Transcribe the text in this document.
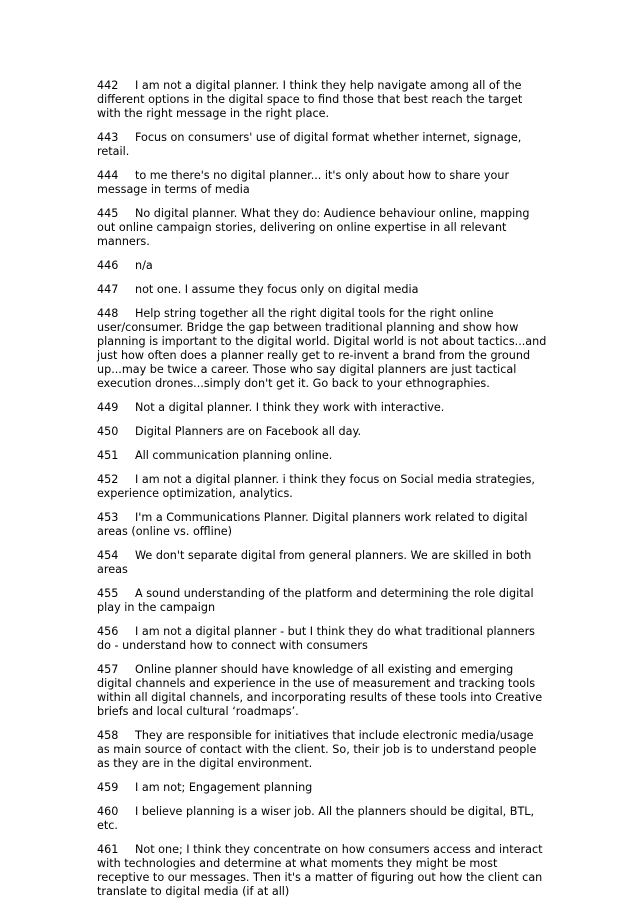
442 I am not a digital planner. I think they help navigate among all of the different options in the digital space to find those that best reach the target with the right message in the right place.

443 Focus on consumers' use of digital format whether internet, signage, retail.

444 to me there's no digital planner... it's only about how to share your message in terms of media

445 No digital planner. What they do: Audience behaviour online, mapping out online campaign stories, delivering on online expertise in all relevant manners.

446 n/a

447 not one. I assume they focus only on digital media

448 Help string together all the right digital tools for the right online user/consumer. Bridge the gap between traditional planning and show how planning is important to the digital world. Digital world is not about tactics...and just how often does a planner really get to re-invent a brand from the ground up...may be twice a career. Those who say digital planners are just tactical execution drones...simply don't get it. Go back to your ethnographies.

449 Not a digital planner. I think they work with interactive.

450 Digital Planners are on Facebook all day.

451 All communication planning online.

452 I am not a digital planner. i think they focus on Social media strategies, experience optimization, analytics.

453 I'm a Communications Planner. Digital planners work related to digital areas (online vs. offline)

454 We don't separate digital from general planners. We are skilled in both areas

455 A sound understanding of the platform and determining the role digital play in the campaign

456 I am not a digital planner - but I think they do what traditional planners do - understand how to connect with consumers

457 Online planner should have knowledge of all existing and emerging digital channels and experience in the use of measurement and tracking tools within all digital channels, and incorporating results of these tools into Creative briefs and local cultural ‘roadmaps’.

458 They are responsible for initiatives that include electronic media/usage as main source of contact with the client. So, their job is to understand people as they are in the digital environment.

459 I am not; Engagement planning

460 I believe planning is a wiser job. All the planners should be digital, BTL, etc.

461 Not one; I think they concentrate on how consumers access and interact with technologies and determine at what moments they might be most receptive to our messages. Then it's a matter of figuring out how the client can translate to digital media (if at all)
